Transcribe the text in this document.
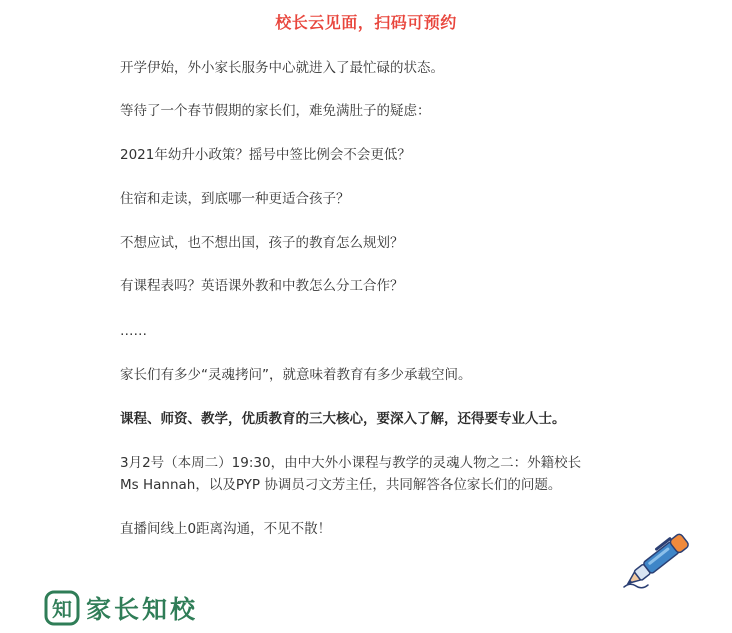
校长云见面，扫码可预约
开学伊始，外小家长服务中心就进入了最忙碌的状态。
等待了一个春节假期的家长们，难免满肚子的疑虑：
2021年幼升小政策？摇号中签比例会不会更低？
住宿和走读，到底哪一种更适合孩子？
不想应试，也不想出国，孩子的教育怎么规划？
有课程表吗？英语课外教和中教怎么分工合作？
……
家长们有多少“灵魂拷问”，就意味着教育有多少承载空间。
课程、师资、教学，优质教育的三大核心，要深入了解，还得要专业人士。
3月2号（本周二）19:30，由中大外小课程与教学的灵魂人物之二：外籍校长
Ms Hannah，以及PYP 协调员刁文芳主任，共同解答各位家长们的问题。
直播间线上0距离沟通，不见不散！
知 家长知校
